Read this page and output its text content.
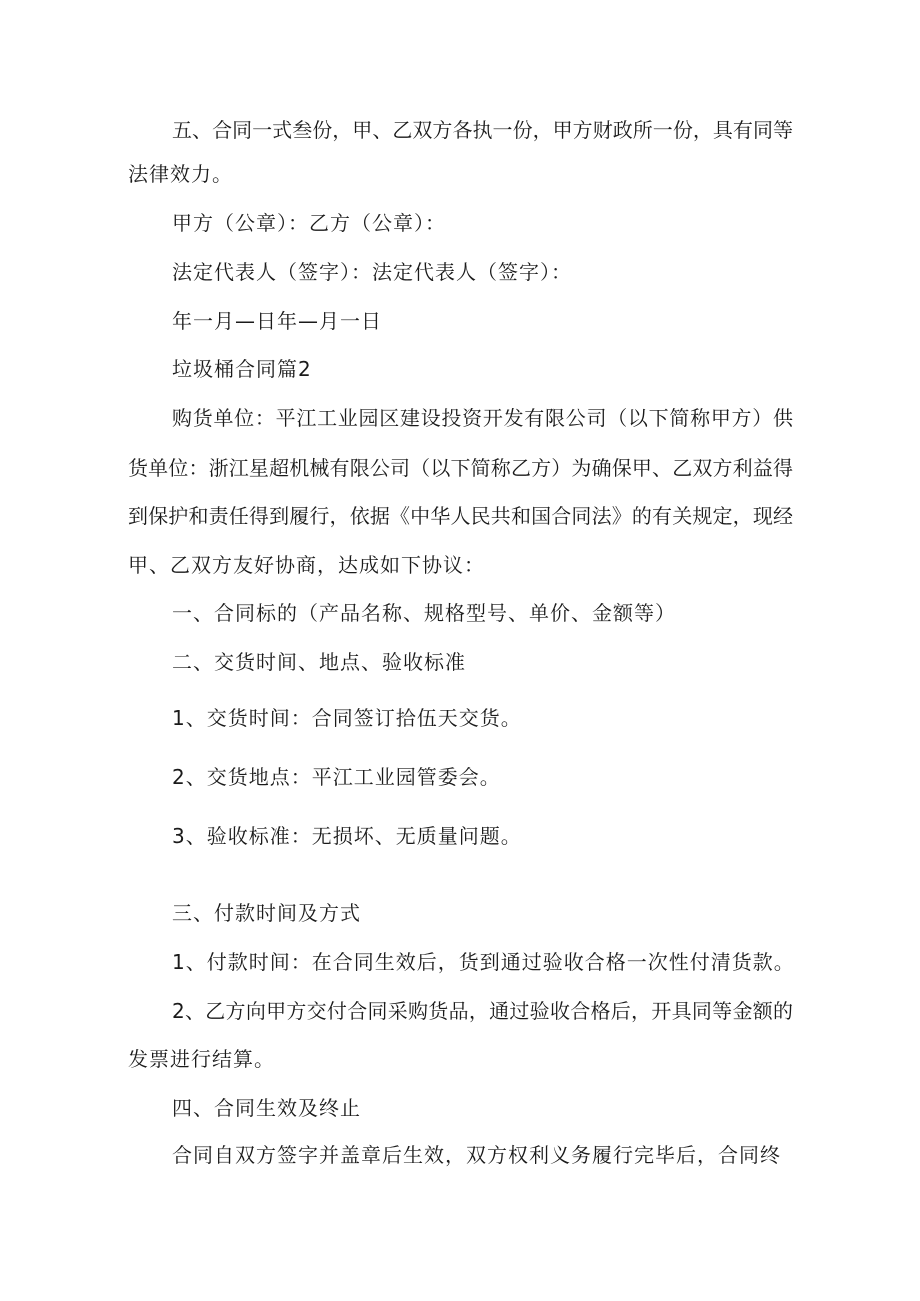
五、合同一式叁份，甲、乙双方各执一份，甲方财政所一份，具有同等

法律效力。

甲方（公章）：乙方（公章）：

法定代表人（签字）：法定代表人（签字）：

年一月—日年—月一日

垃圾桶合同篇2

购货单位：平江工业园区建设投资开发有限公司（以下简称甲方）供

货单位：浙江星超机械有限公司（以下简称乙方）为确保甲、乙双方利益得

到保护和责任得到履行，依据《中华人民共和国合同法》的有关规定，现经

甲、乙双方友好协商，达成如下协议：

一、合同标的（产品名称、规格型号、单价、金额等）

二、交货时间、地点、验收标准

1、交货时间：合同签订拾伍天交货。

2、交货地点：平江工业园管委会。

3、验收标准：无损坏、无质量问题。

三、付款时间及方式

1、付款时间：在合同生效后，货到通过验收合格一次性付清货款。

2、乙方向甲方交付合同采购货品，通过验收合格后，开具同等金额的

发票进行结算。

四、合同生效及终止

合同自双方签字并盖章后生效，双方权利义务履行完毕后，合同终
